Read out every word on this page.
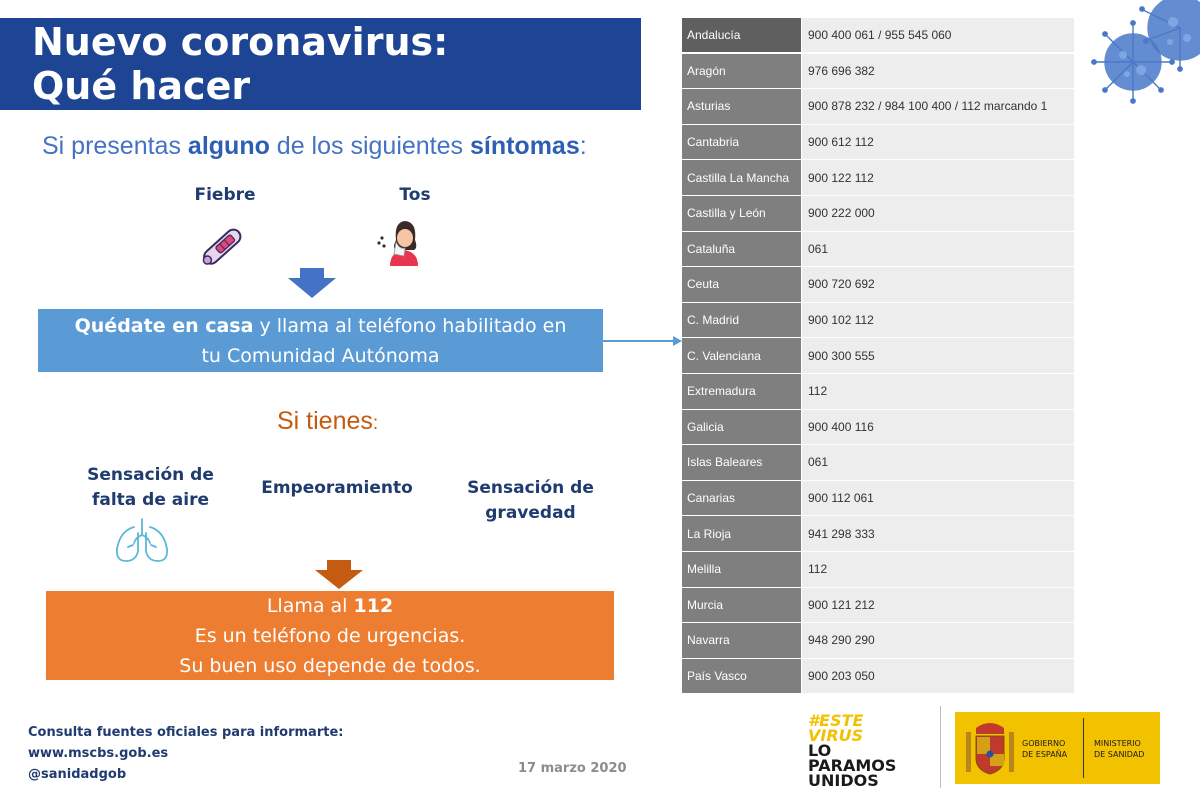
Nuevo coronavirus:
Qué hacer
Si presentas alguno de los siguientes síntomas:
Fiebre	Tos
Quédate en casa y llama al teléfono habilitado en
tu Comunidad Autónoma
Si tienes:
Sensación de
falta de aire
Empeoramiento	Sensación de
gravedad
Llama al 112
Es un teléfono de urgencias.
Su buen uso depende de todos.
Consulta fuentes oficiales para informarte:
www.mscbs.gob.es
@sanidadgob	17 marzo 2020
Andalucía	900 400 061 / 955 545 060
Aragón	976 696 382
Asturias	900 878 232 / 984 100 400 / 112 marcando 1
Cantabria	900 612 112
Castilla La Mancha	900 122 112
Castilla y León	900 222 000
Cataluña	061
Ceuta	900 720 692
C. Madrid	900 102 112
C. Valenciana	900 300 555
Extremadura	112
Galicia	900 400 116
Islas Baleares	061
Canarias	900 112 061
La Rioja	941 298 333
Melilla	112
Murcia	900 121 212
Navarra	948 290 290
País Vasco	900 203 050
#ESTE
VIRUS
LO
PARAMOS
UNIDOS
GOBIERNO
DE ESPAÑA
MINISTERIO
DE SANIDAD
